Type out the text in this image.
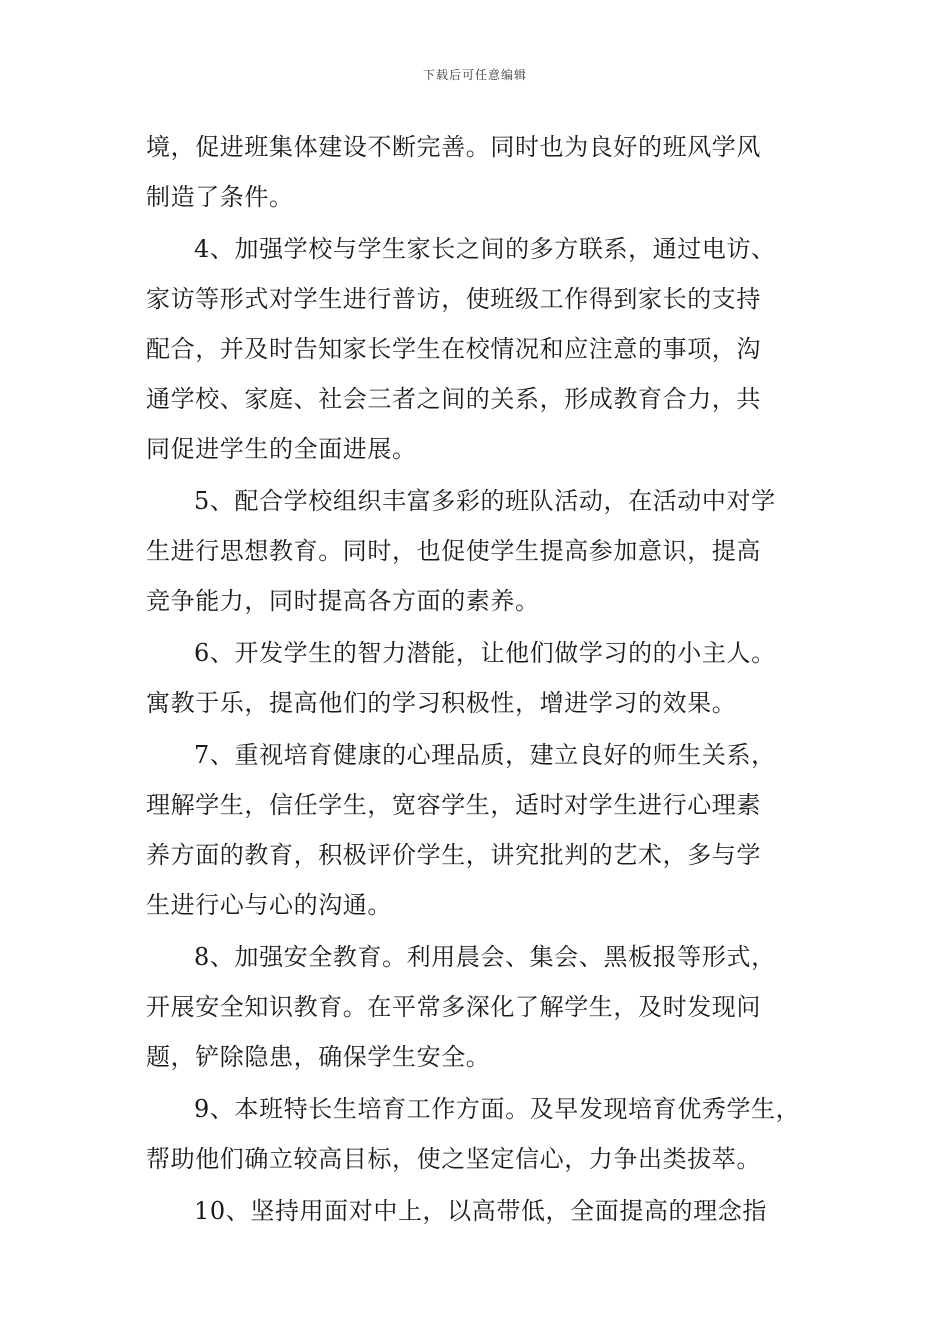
下载后可任意编辑
境，促进班集体建设不断完善。同时也为良好的班风学风
制造了条件。
4、加强学校与学生家长之间的多方联系，通过电访、
家访等形式对学生进行普访，使班级工作得到家长的支持
配合，并及时告知家长学生在校情况和应注意的事项，沟
通学校、家庭、社会三者之间的关系，形成教育合力，共
同促进学生的全面进展。
5、配合学校组织丰富多彩的班队活动，在活动中对学
生进行思想教育。同时，也促使学生提高参加意识，提高
竞争能力，同时提高各方面的素养。
6、开发学生的智力潜能，让他们做学习的的小主人。
寓教于乐，提高他们的学习积极性，增进学习的效果。
7、重视培育健康的心理品质，建立良好的师生关系，
理解学生，信任学生，宽容学生，适时对学生进行心理素
养方面的教育，积极评价学生，讲究批判的艺术，多与学
生进行心与心的沟通。
8、加强安全教育。利用晨会、集会、黑板报等形式，
开展安全知识教育。在平常多深化了解学生，及时发现问
题，铲除隐患，确保学生安全。
9、本班特长生培育工作方面。及早发现培育优秀学生，
帮助他们确立较高目标，使之坚定信心，力争出类拔萃。
10、坚持用面对中上，以高带低，全面提高的理念指
